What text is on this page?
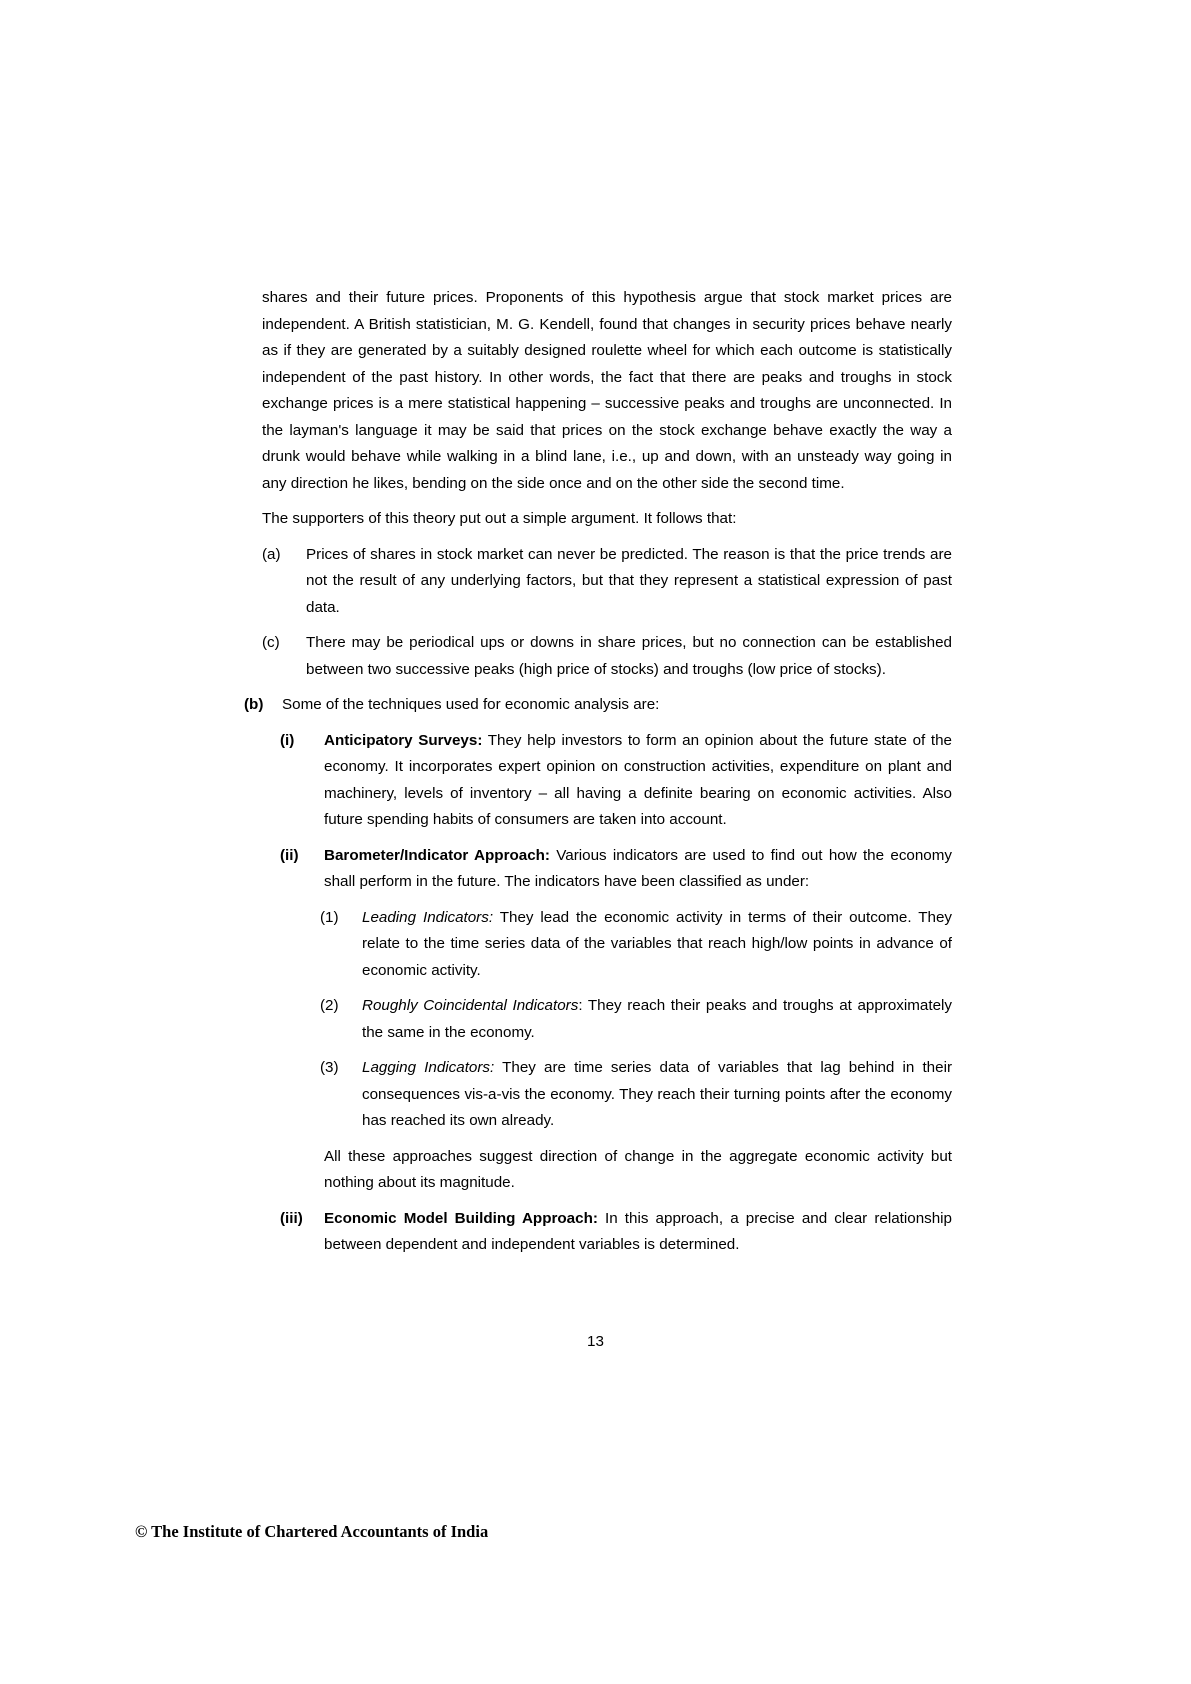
shares and their future prices. Proponents of this hypothesis argue that stock market prices are independent. A British statistician, M. G. Kendell, found that changes in security prices behave nearly as if they are generated by a suitably designed roulette wheel for which each outcome is statistically independent of the past history. In other words, the fact that there are peaks and troughs in stock exchange prices is a mere statistical happening – successive peaks and troughs are unconnected. In the layman's language it may be said that prices on the stock exchange behave exactly the way a drunk would behave while walking in a blind lane, i.e., up and down, with an unsteady way going in any direction he likes, bending on the side once and on the other side the second time.

The supporters of this theory put out a simple argument. It follows that:

(a)	Prices of shares in stock market can never be predicted. The reason is that the price trends are not the result of any underlying factors, but that they represent a statistical expression of past data.
(c)	There may be periodical ups or downs in share prices, but no connection can be established between two successive peaks (high price of stocks) and troughs (low price of stocks).
(b)	Some of the techniques used for economic analysis are:
(i)	Anticipatory Surveys: They help investors to form an opinion about the future state of the economy. It incorporates expert opinion on construction activities, expenditure on plant and machinery, levels of inventory – all having a definite bearing on economic activities. Also future spending habits of consumers are taken into account.
(ii)	Barometer/Indicator Approach: Various indicators are used to find out how the economy shall perform in the future. The indicators have been classified as under:
(1)	Leading Indicators: They lead the economic activity in terms of their outcome. They relate to the time series data of the variables that reach high/low points in advance of economic activity.
(2)	Roughly Coincidental Indicators: They reach their peaks and troughs at approximately the same in the economy.
(3)	Lagging Indicators: They are time series data of variables that lag behind in their consequences vis-a-vis the economy. They reach their turning points after the economy has reached its own already.
All these approaches suggest direction of change in the aggregate economic activity but nothing about its magnitude.
(iii)	Economic Model Building Approach: In this approach, a precise and clear relationship between dependent and independent variables is determined.
13
© The Institute of Chartered Accountants of India
